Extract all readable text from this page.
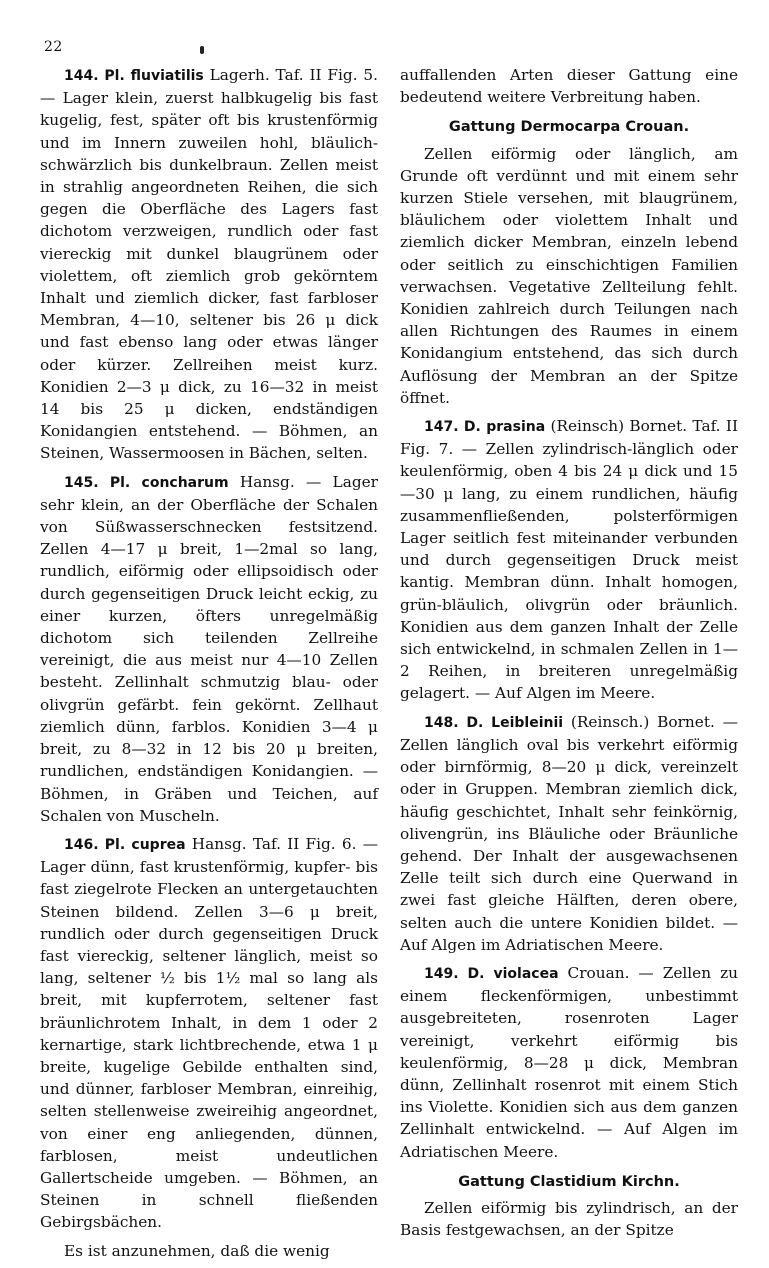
22

144. Pl. fluviatilis Lagerh. Taf. II Fig. 5. — Lager klein, zuerst halbkugelig bis fast kugelig, fest, später oft bis krustenförmig und im Innern zuweilen hohl, bläulich-schwärzlich bis dunkelbraun. Zellen meist in strahlig angeordneten Reihen, die sich gegen die Oberfläche des Lagers fast dichotom verzweigen, rundlich oder fast viereckig mit dunkel blaugrünem oder violettem, oft ziemlich grob gekörntem Inhalt und ziemlich dicker, fast farbloser Membran, 4—10, seltener bis 26 μ dick und fast ebenso lang oder etwas länger oder kürzer. Zellreihen meist kurz. Konidien 2—3 μ dick, zu 16—32 in meist 14 bis 25 μ dicken, endständigen Konidangien entstehend. — Böhmen, an Steinen, Wassermoosen in Bächen, selten.

145. Pl. concharum Hansg. — Lager sehr klein, an der Oberfläche der Schalen von Süßwasserschnecken festsitzend. Zellen 4—17 μ breit, 1—2mal so lang, rundlich, eiförmig oder ellipsoidisch oder durch gegenseitigen Druck leicht eckig, zu einer kurzen, öfters unregelmäßig dichotom sich teilenden Zellreihe vereinigt, die aus meist nur 4—10 Zellen besteht. Zellinhalt schmutzig blau- oder olivgrün gefärbt. fein gekörnt. Zellhaut ziemlich dünn, farblos. Konidien 3—4 μ breit, zu 8—32 in 12 bis 20 μ breiten, rundlichen, endständigen Konidangien. — Böhmen, in Gräben und Teichen, auf Schalen von Muscheln.

146. Pl. cuprea Hansg. Taf. II Fig. 6. — Lager dünn, fast krustenförmig, kupfer- bis fast ziegelrote Flecken an untergetauchten Steinen bildend. Zellen 3—6 μ breit, rundlich oder durch gegenseitigen Druck fast viereckig, seltener länglich, meist so lang, seltener ½ bis 1½ mal so lang als breit, mit kupferrotem, seltener fast bräunlichrotem Inhalt, in dem 1 oder 2 kernartige, stark lichtbrechende, etwa 1 μ breite, kugelige Gebilde enthalten sind, und dünner, farbloser Membran, einreihig, selten stellenweise zweireihig angeordnet, von einer eng anliegenden, dünnen, farblosen, meist undeutlichen Gallertscheide umgeben. — Böhmen, an Steinen in schnell fließenden Gebirgsbächen.

Es ist anzunehmen, daß die wenig

auffallenden Arten dieser Gattung eine bedeutend weitere Verbreitung haben.

Gattung Dermocarpa Crouan.

Zellen eiförmig oder länglich, am Grunde oft verdünnt und mit einem sehr kurzen Stiele versehen, mit blaugrünem, bläulichem oder violettem Inhalt und ziemlich dicker Membran, einzeln lebend oder seitlich zu einschichtigen Familien verwachsen. Vegetative Zellteilung fehlt. Konidien zahlreich durch Teilungen nach allen Richtungen des Raumes in einem Konidangium entstehend, das sich durch Auflösung der Membran an der Spitze öffnet.

147. D. prasina (Reinsch) Bornet. Taf. II Fig. 7. — Zellen zylindrisch-länglich oder keulenförmig, oben 4 bis 24 μ dick und 15—30 μ lang, zu einem rundlichen, häufig zusammenfließenden, polsterförmigen Lager seitlich fest miteinander verbunden und durch gegenseitigen Druck meist kantig. Membran dünn. Inhalt homogen, grün-bläulich, olivgrün oder bräunlich. Konidien aus dem ganzen Inhalt der Zelle sich entwickelnd, in schmalen Zellen in 1—2 Reihen, in breiteren unregelmäßig gelagert. — Auf Algen im Meere.

148. D. Leibleinii (Reinsch.) Bornet. — Zellen länglich oval bis verkehrt eiförmig oder birnförmig, 8—20 μ dick, vereinzelt oder in Gruppen. Membran ziemlich dick, häufig geschichtet, Inhalt sehr feinkörnig, olivengrün, ins Bläuliche oder Bräunliche gehend. Der Inhalt der ausgewachsenen Zelle teilt sich durch eine Querwand in zwei fast gleiche Hälften, deren obere, selten auch die untere Konidien bildet. — Auf Algen im Adriatischen Meere.

149. D. violacea Crouan. — Zellen zu einem fleckenförmigen, unbestimmt ausgebreiteten, rosenroten Lager vereinigt, verkehrt eiförmig bis keulenförmig, 8—28 μ dick, Membran dünn, Zellinhalt rosenrot mit einem Stich ins Violette. Konidien sich aus dem ganzen Zellinhalt entwickelnd. — Auf Algen im Adriatischen Meere.

Gattung Clastidium Kirchn.

Zellen eiförmig bis zylindrisch, an der Basis festgewachsen, an der Spitze
